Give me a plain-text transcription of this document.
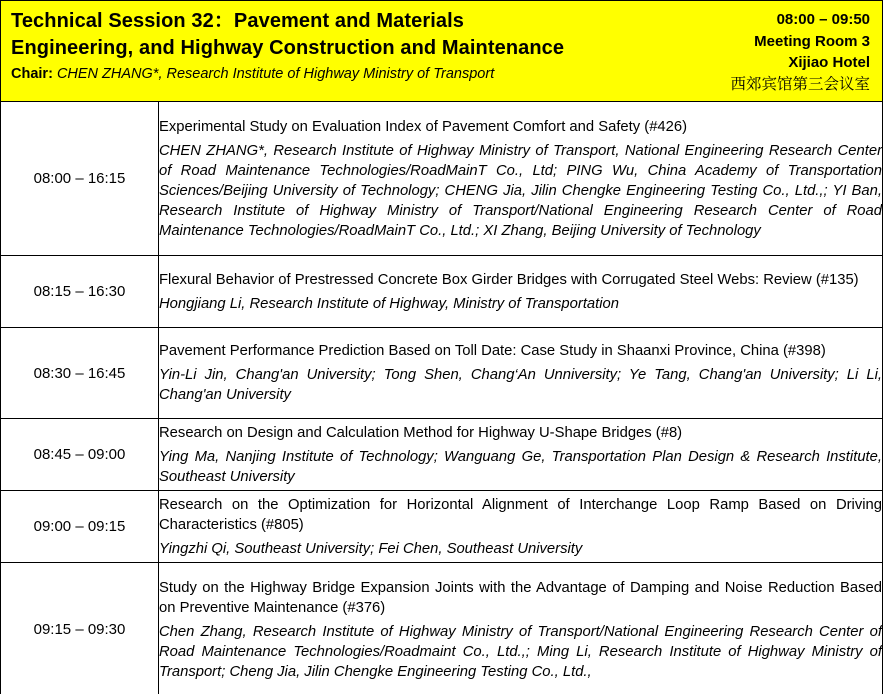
Technical Session 32：Pavement and Materials
Engineering, and Highway Construction and Maintenance
Chair: CHEN ZHANG*, Research Institute of Highway Ministry of Transport
08:00 – 09:50
Meeting Room 3
Xijiao Hotel
西郊宾馆第三会议室
08:00 – 16:15	Experimental Study on Evaluation Index of Pavement Comfort and Safety (#426)
CHEN ZHANG*, Research Institute of Highway Ministry of Transport, National Engineering Research Center of Road Maintenance Technologies/RoadMainT Co., Ltd; PING Wu, China Academy of Transportation Sciences/Beijing University of Technology; CHENG Jia, Jilin Chengke Engineering Testing Co., Ltd.,; YI Ban, Research Institute of Highway Ministry of Transport/National Engineering Research Center of Road Maintenance Technologies/RoadMainT Co., Ltd.; XI Zhang, Beijing University of Technology

08:15 – 16:30	Flexural Behavior of Prestressed Concrete Box Girder Bridges with Corrugated Steel Webs: Review (#135)
Hongjiang Li, Research Institute of Highway, Ministry of Transportation

08:30 – 16:45	Pavement Performance Prediction Based on Toll Date: Case Study in Shaanxi Province, China (#398)
Yin-Li Jin, Chang'an University; Tong Shen, Chang‘An Unniversity; Ye Tang, Chang'an University; Li Li, Chang'an University

08:45 – 09:00	Research on Design and Calculation Method for Highway U-Shape Bridges (#8)
Ying Ma, Nanjing Institute of Technology; Wanguang Ge, Transportation Plan Design & Research Institute, Southeast University

09:00 – 09:15	Research on the Optimization for Horizontal Alignment of Interchange Loop Ramp Based on Driving Characteristics (#805)
Yingzhi Qi, Southeast University; Fei Chen, Southeast University

09:15 – 09:30	Study on the Highway Bridge Expansion Joints with the Advantage of Damping and Noise Reduction Based on Preventive Maintenance (#376)
Chen Zhang, Research Institute of Highway Ministry of Transport/National Engineering Research Center of Road Maintenance Technologies/Roadmaint Co., Ltd.,; Ming Li, Research Institute of Highway Ministry of Transport; Cheng Jia, Jilin Chengke Engineering Testing Co., Ltd.,
